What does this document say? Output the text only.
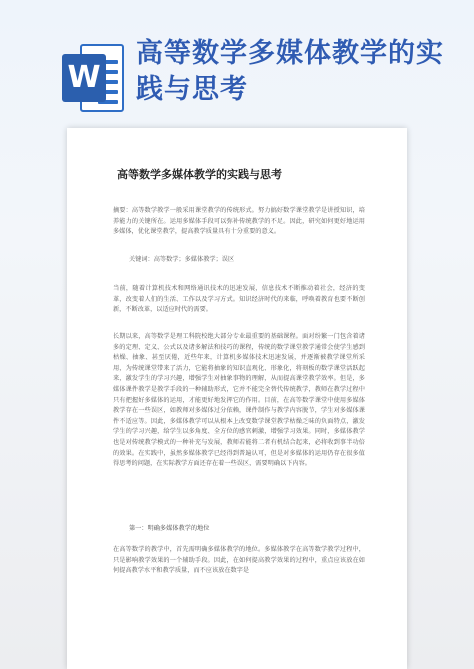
W
高等数学多媒体教学的实践与思考
高等数学多媒体教学的实践与思考

摘要：高等数学教学一般采用课堂教学的传统形式。努力搞好数学课堂教学是讲授知识，培养能力的关键所在。运用多媒体手段可以弥补传统教学的不足。因此，研究如何更好地运用多媒体，优化课堂教学，提高教学质量具有十分重要的意义。

关键词：高等数学；多媒体教学；误区

当前，随着计算机技术和网络通讯技术的迅速发展，信息技术不断推动着社会，经济的变革，改变着人们的生活、工作以及学习方式。知识经济时代的来临，呼唤着教育也要不断创新，不断改革，以适应时代的需要。

长期以来，高等数学是理工科院校绝大部分专业最重要的基础课程。面对纷繁一门包含着诸多的定理、定义、公式以及诸多解法和技巧的课程，传统的数学课堂教学通常会使学生感到枯燥、抽象、甚至厌倦，近些年来，计算机多媒体技术迅速发展，并逐渐被教学课堂所采用，为传统课堂带来了活力，它能将抽象的知识直观化、形象化，将刻板的数学课堂活跃起来，激发学生的学习兴趣，增强学生对抽象事物的理解，从而提高课堂教学效率。但是，多媒体课件教学是教学手段的一种辅助形式，它并不能完全替代传统教学，教师在教学过程中只有把握好多媒体的运用，才能更好地发挥它的作用。目前，在高等数学课堂中使用多媒体教学存在一些误区，如教师对多媒体过分依赖，课件制作与教学内容脱节，学生对多媒体课件不适应等。因此，多媒体教学可以从根本上改变数学课堂教学枯燥乏味的负面特点，激发学生的学习兴趣，给学生以多角度、全方位的感官刺激，增强学习效果。同时，多媒体教学也是对传统教学模式的一种补充与发展，教师若能将二者有机结合起来，必将收到事半功倍的效果。在实践中，虽然多媒体教学已经得到普遍认可，但是对多媒体的运用仍存在很多值得思考的问题，在实际教学方面还存在着一些误区，需要明确以下内容。

第一：明确多媒体教学的地位

在高等数学的教学中，首先需明确多媒体教学的地位。多媒体教学在高等数学教学过程中，只是影响教学效果的一个辅助手段。因此，在如何提高教学效果的过程中，重点应该放在如何提高教学水平和教学质量，而不应该放在数字是
